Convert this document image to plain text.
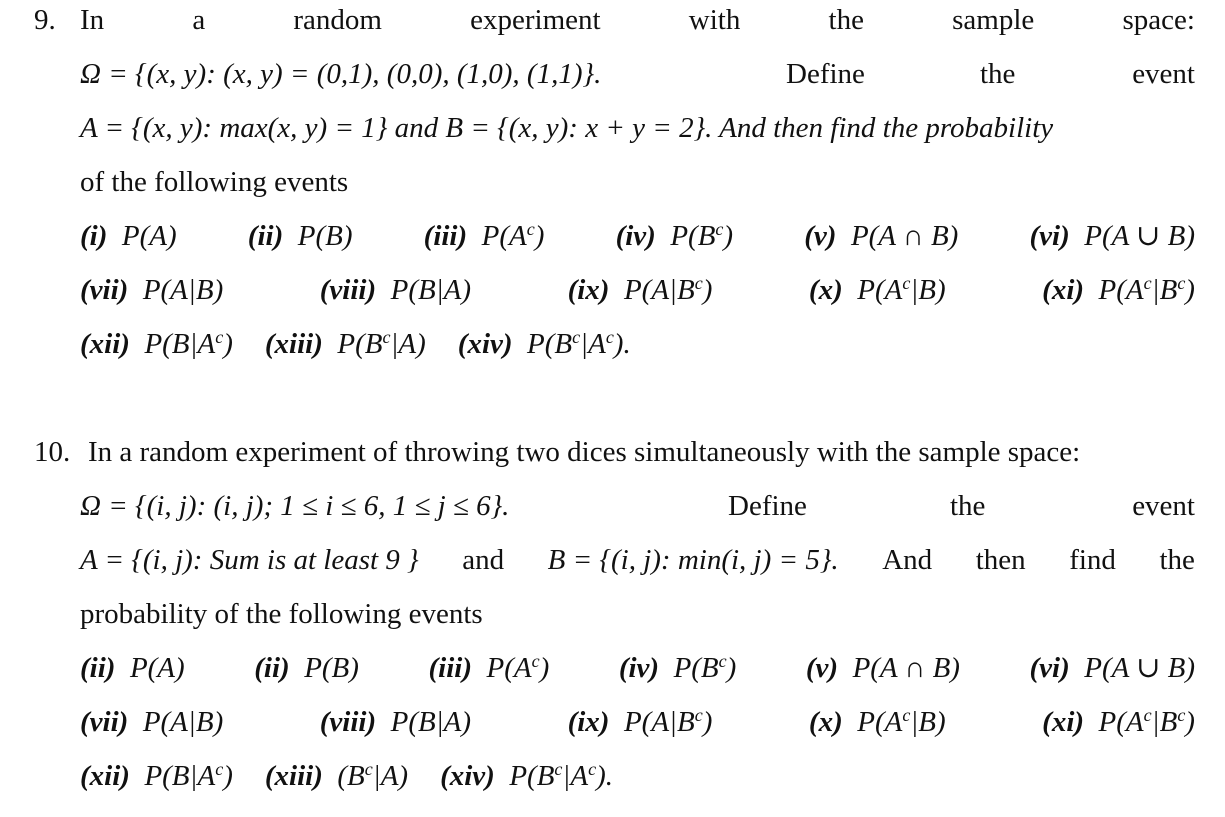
9. In	a	random	experiment	with	the	sample	space:
Ω = {(x, y): (x, y) = (0,1), (0,0), (1,0), (1,1)}.	Define	the	event
A = {(x, y): max(x, y) = 1} and B = {(x, y): x + y = 2}. And then find the probability
of the following events
(i) P(A) (ii) P(B) (iii) $P(A^c)$ (iv) $P(B^c)$ (v) P(A ∩ B) (vi) P(A ∪ B)
(vii) P(A|B)	(viii) P(B|A)	(ix) $P(A|B^c)$	(x) $P(A^c|B)$	(xi) $P(A^c|B^c)$
(xii) $P(B|A^c)$ (xiii) $P(B^c|A)$ (xiv) $P(B^c|A^c)$.
10. In a random experiment of throwing two dices simultaneously with the sample space:
Ω = {(i, j): (i, j); 1 ≤ i ≤ 6, 1 ≤ j ≤ 6}.	Define	the	event
A = {(i, j): Sum is at least 9 } and B = {(i, j): min(i, j) = 5}. And then find the
probability of the following events
(ii) P(A) (ii) P(B) (iii) $P(A^c)$ (iv) $P(B^c)$ (v) P(A ∩ B) (vi) P(A ∪ B)
(vii) P(A|B)	(viii) P(B|A)	(ix) $P(A|B^c)$	(x) $P(A^c|B)$	(xi) $P(A^c|B^c)$
(xii) $P(B|A^c)$ (xiii) $(B^c|A)$ (xiv) $P(B^c|A^c)$.
